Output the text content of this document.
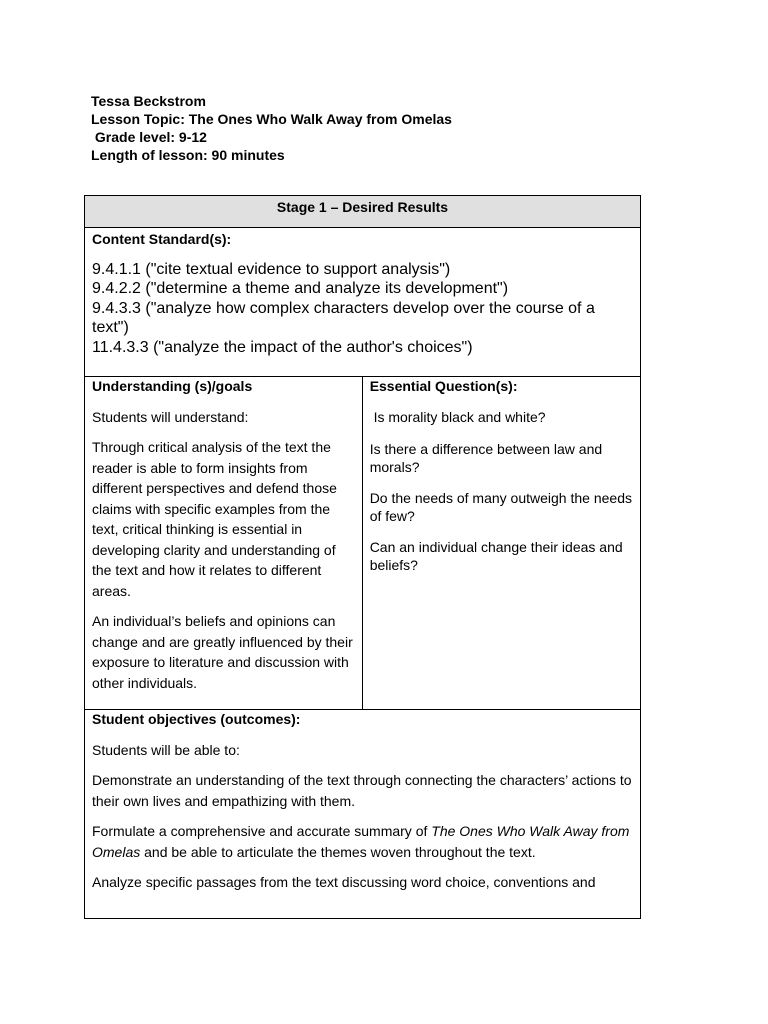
Tessa Beckstrom
Lesson Topic: The Ones Who Walk Away from Omelas
Grade level: 9-12
Length of lesson: 90 minutes
Stage 1 – Desired Results

Content Standard(s):
9.4.1.1 ("cite textual evidence to support analysis")
9.4.2.2 ("determine a theme and analyze its development")
9.4.3.3 ("analyze how complex characters develop over the course of a text")
11.4.3.3 ("analyze the impact of the author's choices")

Understanding (s)/goals

Students will understand:

Through critical analysis of the text the reader is able to form insights from different perspectives and defend those claims with specific examples from the text, critical thinking is essential in developing clarity and understanding of the text and how it relates to different areas.

An individual’s beliefs and opinions can change and are greatly influenced by their exposure to literature and discussion with other individuals.

Essential Question(s):

Is morality black and white?

Is there a difference between law and morals?

Do the needs of many outweigh the needs of few?

Can an individual change their ideas and beliefs?

Student objectives (outcomes):

Students will be able to:

Demonstrate an understanding of the text through connecting the characters’ actions to their own lives and empathizing with them.

Formulate a comprehensive and accurate summary of The Ones Who Walk Away from Omelas and be able to articulate the themes woven throughout the text.

Analyze specific passages from the text discussing word choice, conventions and
